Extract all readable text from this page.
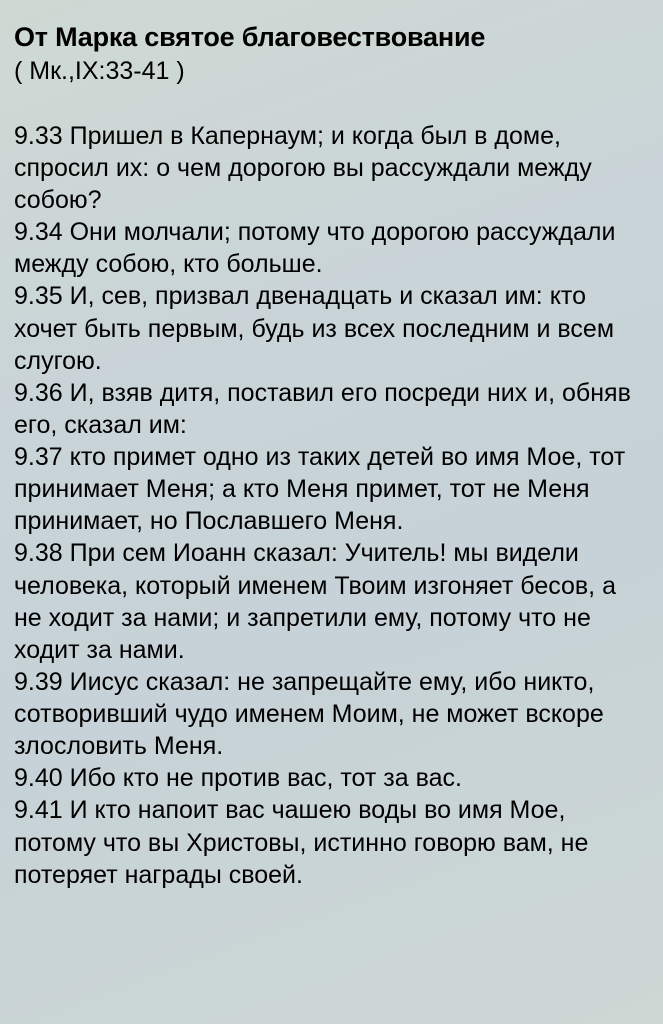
От Марка святое благовествование

( Мк.,IX:33-41 )

9.33 Пришел в Капернаум; и когда был в доме, спросил их: о чем дорогою вы рассуждали между собою?

9.34 Они молчали; потому что дорогою рассуждали между собою, кто больше.

9.35 И, сев, призвал двенадцать и сказал им: кто хочет быть первым, будь из всех последним и всем слугою.

9.36 И, взяв дитя, поставил его посреди них и, обняв его, сказал им:

9.37 кто примет одно из таких детей во имя Мое, тот принимает Меня; а кто Меня примет, тот не Меня принимает, но Пославшего Меня.

9.38 При сем Иоанн сказал: Учитель! мы видели человека, который именем Твоим изгоняет бесов, а не ходит за нами; и запретили ему, потому что не ходит за нами.

9.39 Иисус сказал: не запрещайте ему, ибо никто, сотворивший чудо именем Моим, не может вскоре злословить Меня.

9.40 Ибо кто не против вас, тот за вас.

9.41 И кто напоит вас чашею воды во имя Мое, потому что вы Христовы, истинно говорю вам, не потеряет награды своей.
